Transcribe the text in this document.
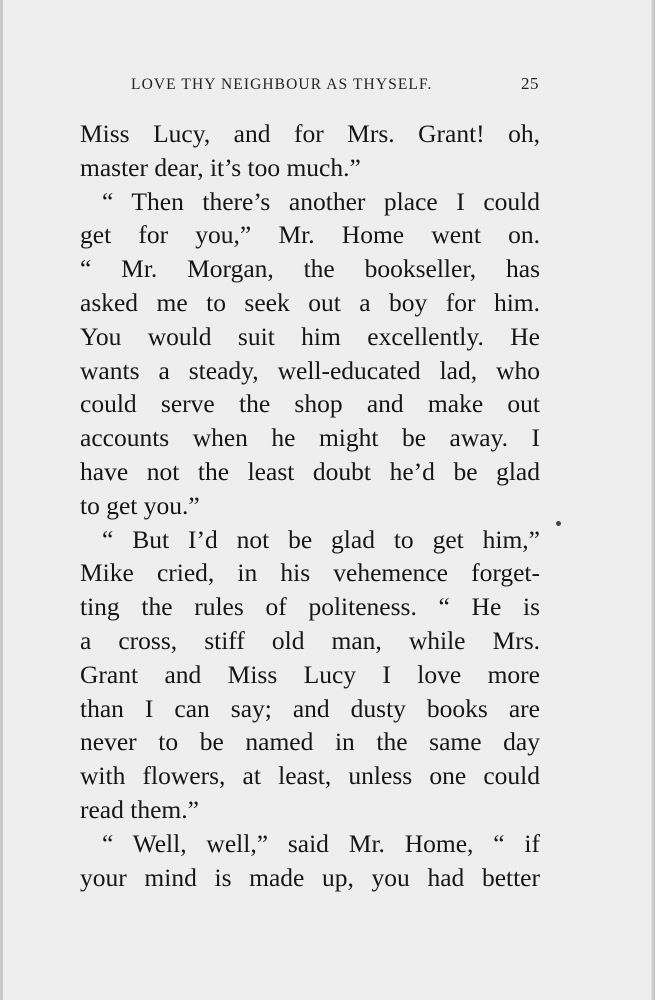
LOVE THY NEIGHBOUR AS THYSELF.	25
Miss Lucy, and for Mrs. Grant! oh,
master dear, it’s too much.”
“ Then there’s another place I could
get for you,” Mr. Home went on.
“ Mr. Morgan, the bookseller, has
asked me to seek out a boy for him.
You would suit him excellently. He
wants a steady, well-educated lad, who
could serve the shop and make out
accounts when he might be away. I
have not the least doubt he’d be glad
to get you.”
“ But I’d not be glad to get him,”
Mike cried, in his vehemence forget-
ting the rules of politeness. “ He is
a cross, stiff old man, while Mrs.
Grant and Miss Lucy I love more
than I can say; and dusty books are
never to be named in the same day
with flowers, at least, unless one could
read them.”
“ Well, well,” said Mr. Home, “ if
your mind is made up, you had better
